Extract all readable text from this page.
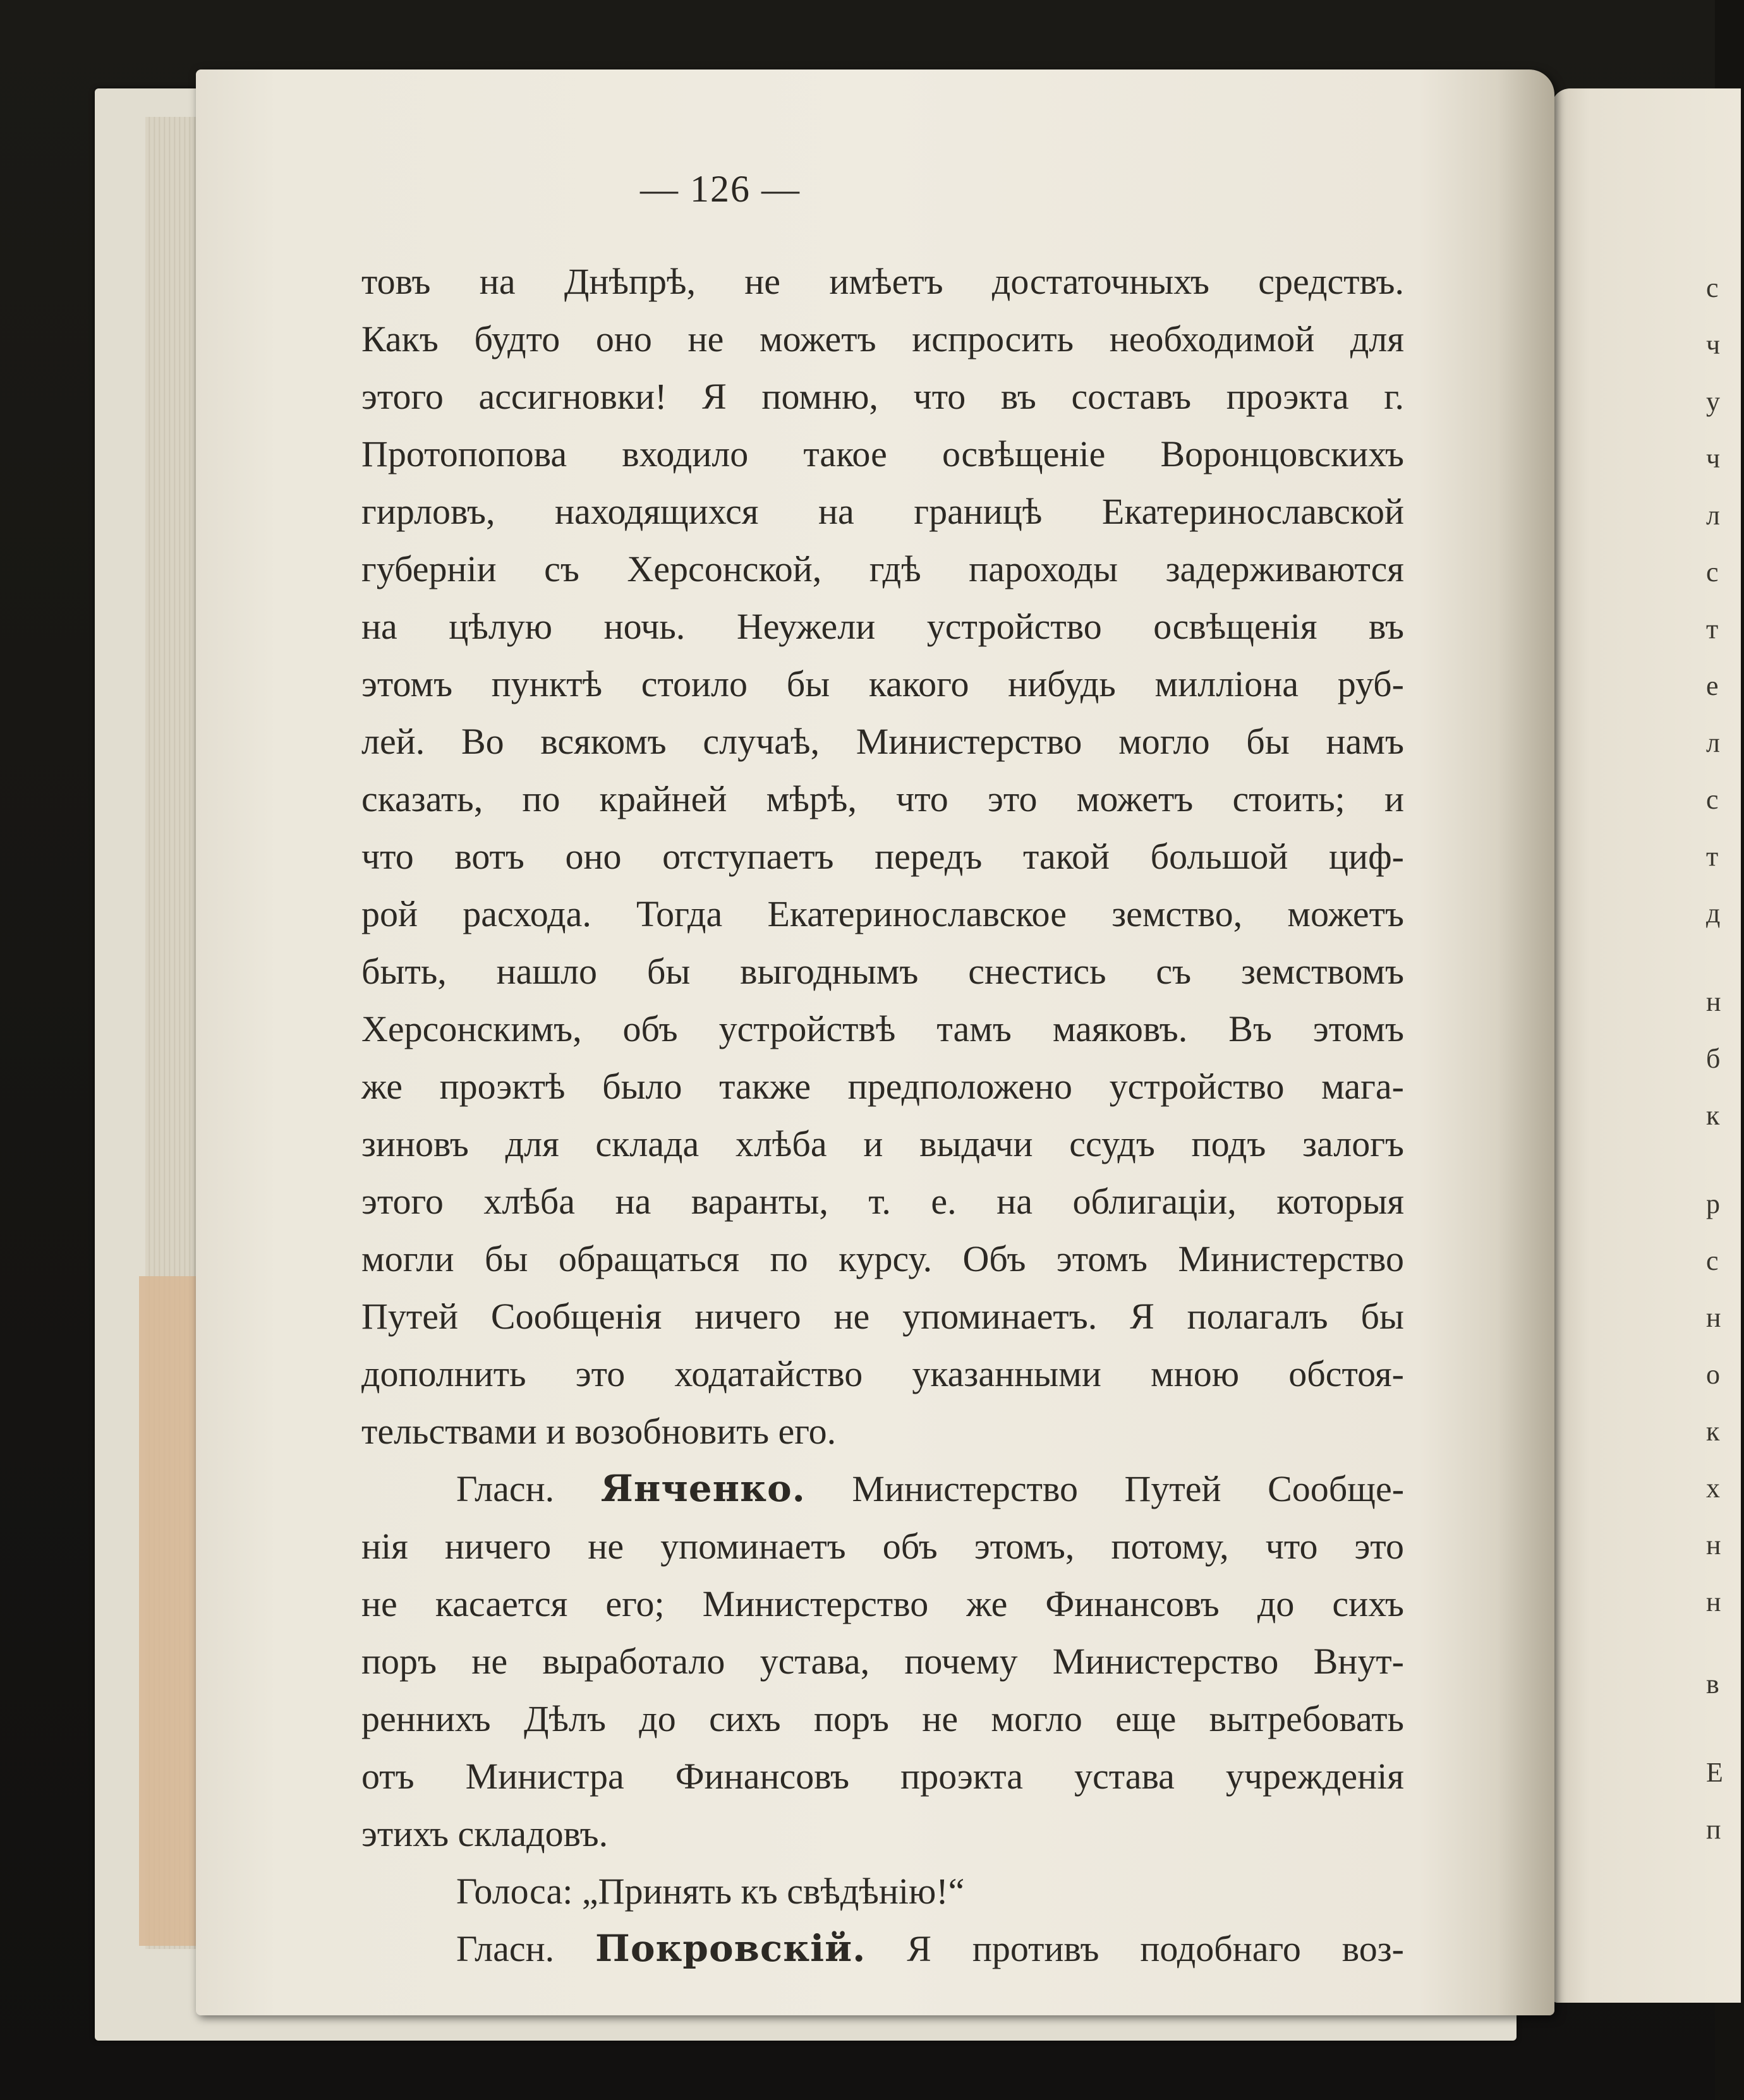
с
ч
у
ч
л
с
т
е
л
с
т
д
н
б
к
р
с
н
о
к
х
н
н
в
Е
п
— 126 —
товъ на Днѣпрѣ, не имѣетъ достаточныхъ средствъ.
Какъ будто оно не можетъ испросить необходимой для
этого ассигновки! Я помню, что въ составъ проэкта г.
Протопопова входило такое освѣщеніе Воронцовскихъ
гирловъ, находящихся на границѣ Екатеринославской
губерніи съ Херсонской, гдѣ пароходы задерживаются
на цѣлую ночь. Неужели устройство освѣщенія въ
этомъ пунктѣ стоило бы какого нибудь милліона руб-
лей. Во всякомъ случаѣ, Министерство могло бы намъ
сказать, по крайней мѣрѣ, что это можетъ стоить; и
что вотъ оно отступаетъ передъ такой большой циф-
рой расхода. Тогда Екатеринославское земство, можетъ
быть, нашло бы выгоднымъ снестись съ земствомъ
Херсонскимъ, объ устройствѣ тамъ маяковъ. Въ этомъ
же проэктѣ было также предположено устройство мага-
зиновъ для склада хлѣба и выдачи ссудъ подъ залогъ
этого хлѣба на варанты, т. е. на облигаціи, которыя
могли бы обращаться по курсу. Объ этомъ Министерство
Путей Сообщенія ничего не упоминаетъ. Я полагалъ бы
дополнить это ходатайство указанными мною обстоя-
тельствами и возобновить его.
Гласн. Янченко. Министерство Путей Сообще-
нія ничего не упоминаетъ объ этомъ, потому, что это
не касается его; Министерство же Финансовъ до сихъ
поръ не выработало устава, почему Министерство Внут-
реннихъ Дѣлъ до сихъ поръ не могло еще вытребовать
отъ Министра Финансовъ проэкта устава учрежденія
этихъ складовъ.
Голоса: „Принять къ свѣдѣнію!“
Гласн. Покровскій. Я противъ подобнаго воз-
